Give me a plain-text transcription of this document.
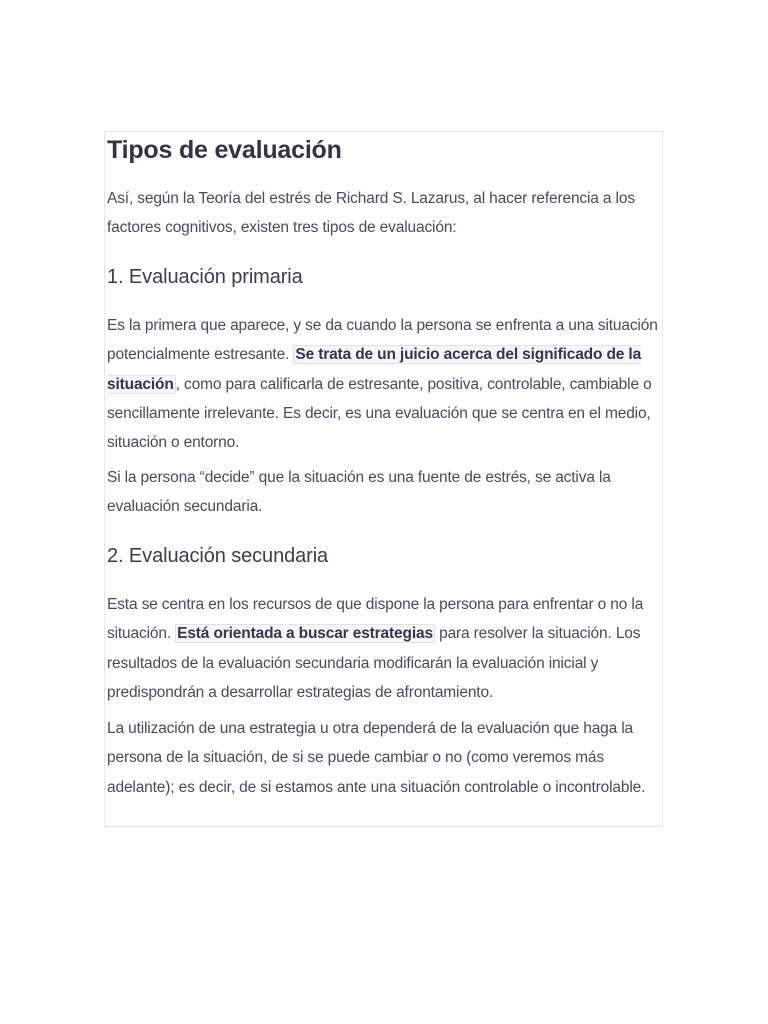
Tipos de evaluación

Así, según la Teoría del estrés de Richard S. Lazarus, al hacer referencia a los factores cognitivos, existen tres tipos de evaluación:

1. Evaluación primaria

Es la primera que aparece, y se da cuando la persona se enfrenta a una situación potencialmente estresante. Se trata de un juicio acerca del significado de la situación , como para calificarla de estresante, positiva, controlable, cambiable o sencillamente irrelevante. Es decir, es una evaluación que se centra en el medio, situación o entorno.

Si la persona “decide” que la situación es una fuente de estrés, se activa la evaluación secundaria.

2. Evaluación secundaria

Esta se centra en los recursos de que dispone la persona para enfrentar o no la situación. Está orientada a buscar estrategias para resolver la situación. Los resultados de la evaluación secundaria modificarán la evaluación inicial y predispondrán a desarrollar estrategias de afrontamiento.

La utilización de una estrategia u otra dependerá de la evaluación que haga la persona de la situación, de si se puede cambiar o no (como veremos más adelante); es decir, de si estamos ante una situación controlable o incontrolable.
